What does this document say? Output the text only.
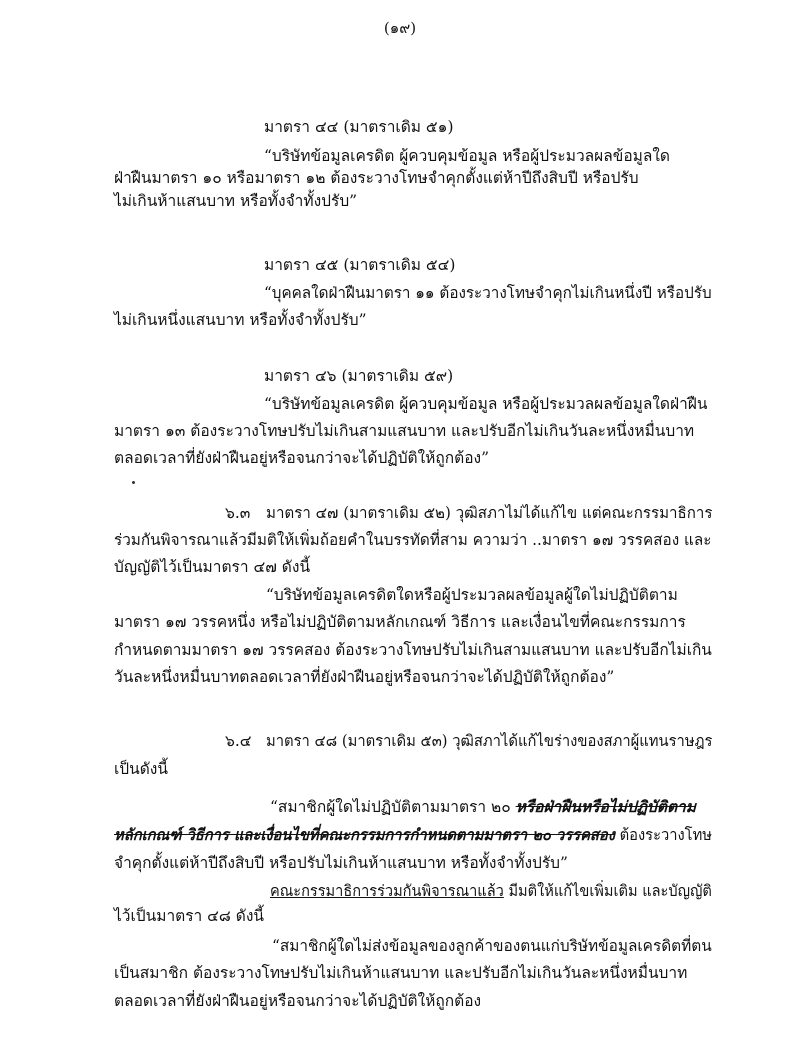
(๑๙)
มาตรา ๔๔ (มาตราเดิม ๕๑)
“บริษัทข้อมูลเครดิต ผู้ควบคุมข้อมูล หรือผู้ประมวลผลข้อมูลใด
ฝ่าฝืนมาตรา ๑๐ หรือมาตรา ๑๒ ต้องระวางโทษจำคุกตั้งแต่ห้าปีถึงสิบปี หรือปรับ
ไม่เกินห้าแสนบาท หรือทั้งจำทั้งปรับ”
มาตรา ๔๕ (มาตราเดิม ๕๔)
“บุคคลใดฝ่าฝืนมาตรา ๑๑ ต้องระวางโทษจำคุกไม่เกินหนึ่งปี หรือปรับ
ไม่เกินหนึ่งแสนบาท หรือทั้งจำทั้งปรับ”
มาตรา ๔๖ (มาตราเดิม ๕๙)
“บริษัทข้อมูลเครดิต ผู้ควบคุมข้อมูล หรือผู้ประมวลผลข้อมูลใดฝ่าฝืน
มาตรา ๑๓ ต้องระวางโทษปรับไม่เกินสามแสนบาท และปรับอีกไม่เกินวันละหนึ่งหมื่นบาท
ตลอดเวลาที่ยังฝ่าฝืนอยู่หรือจนกว่าจะได้ปฏิบัติให้ถูกต้อง”
๖.๓ มาตรา ๔๗ (มาตราเดิม ๕๒) วุฒิสภาไม่ได้แก้ไข แต่คณะกรรมาธิการ
ร่วมกันพิจารณาแล้วมีมติให้เพิ่มถ้อยคำในบรรทัดที่สาม ความว่า ..มาตรา ๑๗ วรรคสอง และ
บัญญัติไว้เป็นมาตรา ๔๗ ดังนี้
“บริษัทข้อมูลเครดิตใดหรือผู้ประมวลผลข้อมูลผู้ใดไม่ปฏิบัติตาม
มาตรา ๑๗ วรรคหนึ่ง หรือไม่ปฏิบัติตามหลักเกณฑ์ วิธีการ และเงื่อนไขที่คณะกรรมการ
กำหนดตามมาตรา ๑๗ วรรคสอง ต้องระวางโทษปรับไม่เกินสามแสนบาท และปรับอีกไม่เกิน
วันละหนึ่งหมื่นบาทตลอดเวลาที่ยังฝ่าฝืนอยู่หรือจนกว่าจะได้ปฏิบัติให้ถูกต้อง”
๖.๔ มาตรา ๔๘ (มาตราเดิม ๕๓) วุฒิสภาได้แก้ไขร่างของสภาผู้แทนราษฎร
เป็นดังนี้
“สมาชิกผู้ใดไม่ปฏิบัติตามมาตรา ๒๐ หรือฝ่าฝืนหรือไม่ปฏิบัติตาม
หลักเกณฑ์ วิธีการ และเงื่อนไขที่คณะกรรมการกำหนดตามมาตรา ๒๐ วรรคสอง ต้องระวางโทษ
จำคุกตั้งแต่ห้าปีถึงสิบปี หรือปรับไม่เกินห้าแสนบาท หรือทั้งจำทั้งปรับ”
คณะกรรมาธิการร่วมกันพิจารณาแล้ว มีมติให้แก้ไขเพิ่มเติม และบัญญัติ
ไว้เป็นมาตรา ๔๘ ดังนี้
“สมาชิกผู้ใดไม่ส่งข้อมูลของลูกค้าของตนแก่บริษัทข้อมูลเครดิตที่ตน
เป็นสมาชิก ต้องระวางโทษปรับไม่เกินห้าแสนบาท และปรับอีกไม่เกินวันละหนึ่งหมื่นบาท
ตลอดเวลาที่ยังฝ่าฝืนอยู่หรือจนกว่าจะได้ปฏิบัติให้ถูกต้อง
